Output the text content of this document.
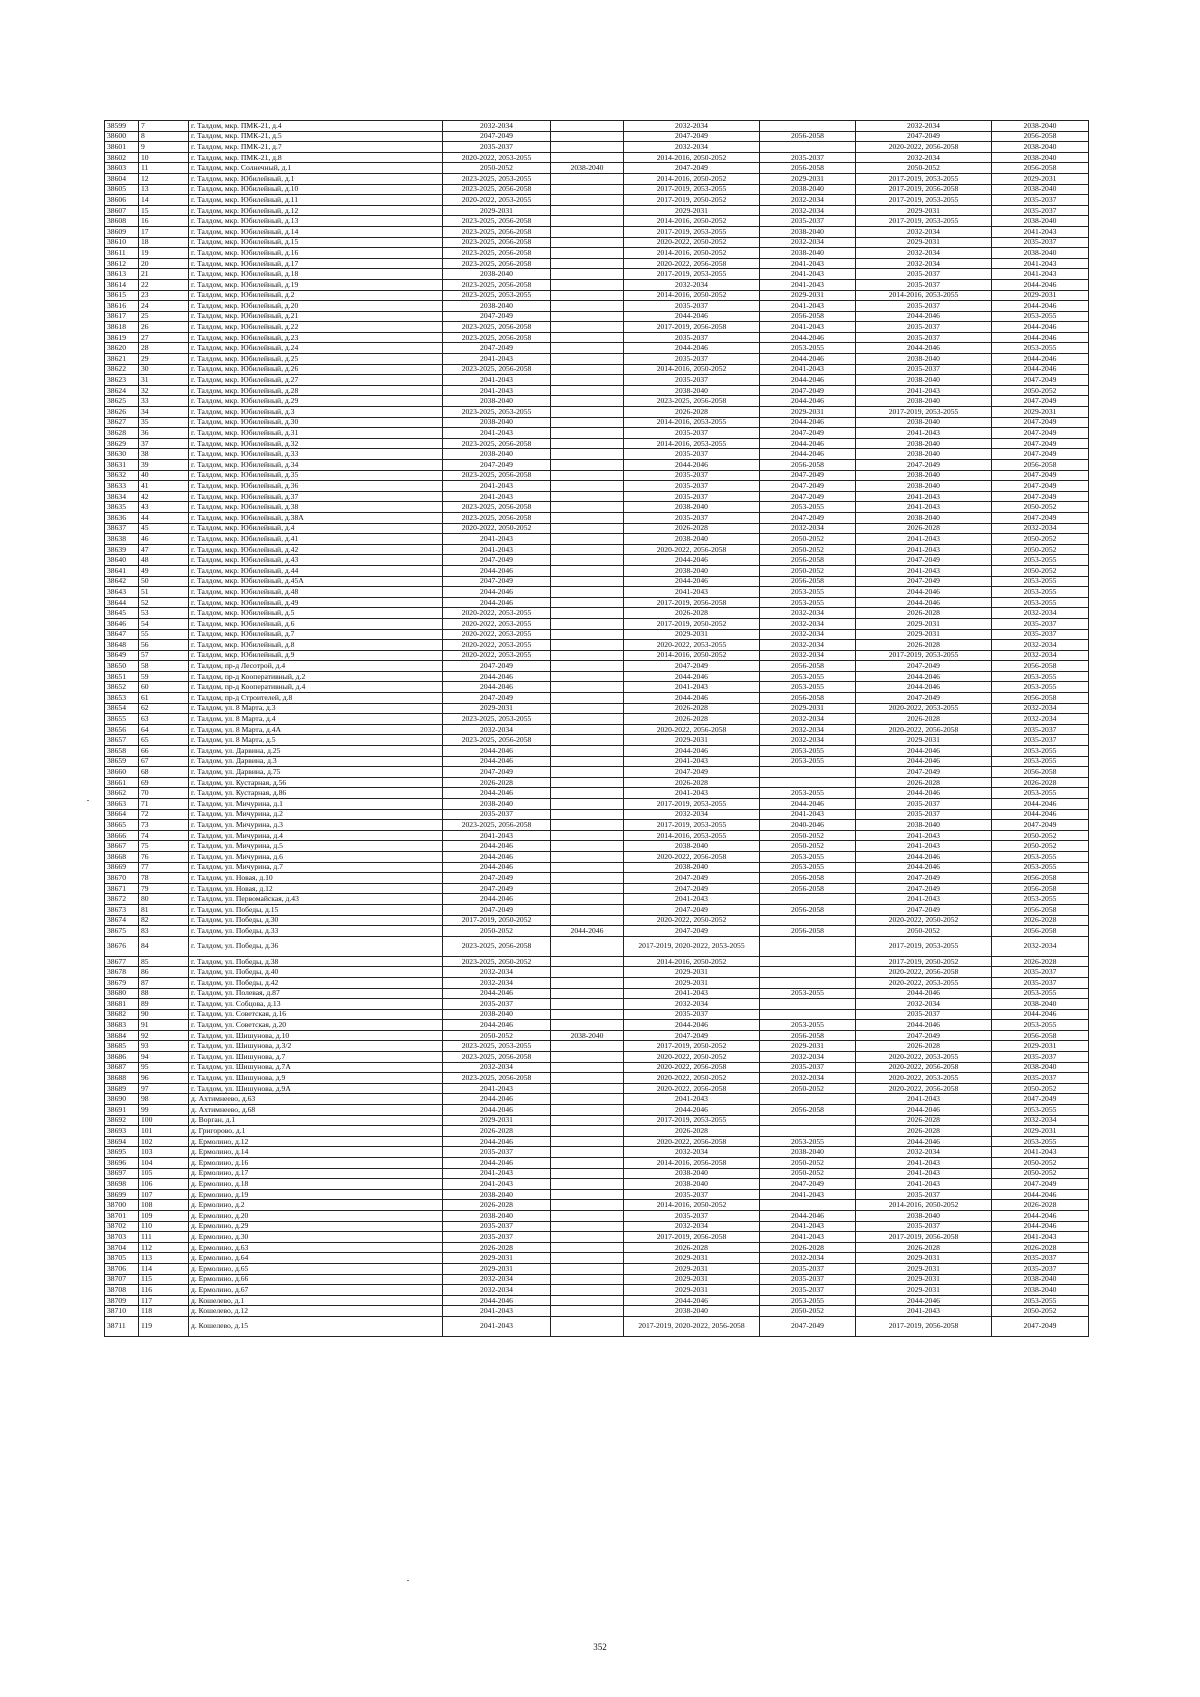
38599	7	г. Талдом, мкр. ПМК-21, д.4	2032-2034		2032-2034		2032-2034	2038-2040
38600	8	г. Талдом, мкр. ПМК-21, д.5	2047-2049		2047-2049	2056-2058	2047-2049	2056-2058
38601	9	г. Талдом, мкр. ПМК-21, д.7	2035-2037		2032-2034		2020-2022, 2056-2058	2038-2040
38602	10	г. Талдом, мкр. ПМК-21, д.8	2020-2022, 2053-2055		2014-2016, 2050-2052	2035-2037	2032-2034	2038-2040
38603	11	г. Талдом, мкр. Солнечный, д.1	2050-2052	2038-2040	2047-2049	2056-2058	2050-2052	2056-2058
38604	12	г. Талдом, мкр. Юбилейный, д.1	2023-2025, 2053-2055		2014-2016, 2050-2052	2029-2031	2017-2019, 2053-2055	2029-2031
38605	13	г. Талдом, мкр. Юбилейный, д.10	2023-2025, 2056-2058		2017-2019, 2053-2055	2038-2040	2017-2019, 2056-2058	2038-2040
38606	14	г. Талдом, мкр. Юбилейный, д.11	2020-2022, 2053-2055		2017-2019, 2050-2052	2032-2034	2017-2019, 2053-2055	2035-2037
38607	15	г. Талдом, мкр. Юбилейный, д.12	2029-2031		2029-2031	2032-2034	2029-2031	2035-2037
38608	16	г. Талдом, мкр. Юбилейный, д.13	2023-2025, 2056-2058		2014-2016, 2050-2052	2035-2037	2017-2019, 2053-2055	2038-2040
38609	17	г. Талдом, мкр. Юбилейный, д.14	2023-2025, 2056-2058		2017-2019, 2053-2055	2038-2040	2032-2034	2041-2043
38610	18	г. Талдом, мкр. Юбилейный, д.15	2023-2025, 2056-2058		2020-2022, 2050-2052	2032-2034	2029-2031	2035-2037
38611	19	г. Талдом, мкр. Юбилейный, д.16	2023-2025, 2056-2058		2014-2016, 2050-2052	2038-2040	2032-2034	2038-2040
38612	20	г. Талдом, мкр. Юбилейный, д.17	2023-2025, 2056-2058		2020-2022, 2056-2058	2041-2043	2032-2034	2041-2043
38613	21	г. Талдом, мкр. Юбилейный, д.18	2038-2040		2017-2019, 2053-2055	2041-2043	2035-2037	2041-2043
38614	22	г. Талдом, мкр. Юбилейный, д.19	2023-2025, 2056-2058		2032-2034	2041-2043	2035-2037	2044-2046
38615	23	г. Талдом, мкр. Юбилейный, д.2	2023-2025, 2053-2055		2014-2016, 2050-2052	2029-2031	2014-2016, 2053-2055	2029-2031
38616	24	г. Талдом, мкр. Юбилейный, д.20	2038-2040		2035-2037	2041-2043	2035-2037	2044-2046
38617	25	г. Талдом, мкр. Юбилейный, д.21	2047-2049		2044-2046	2056-2058	2044-2046	2053-2055
38618	26	г. Талдом, мкр. Юбилейный, д.22	2023-2025, 2056-2058		2017-2019, 2056-2058	2041-2043	2035-2037	2044-2046
38619	27	г. Талдом, мкр. Юбилейный, д.23	2023-2025, 2056-2058		2035-2037	2044-2046	2035-2037	2044-2046
38620	28	г. Талдом, мкр. Юбилейный, д.24	2047-2049		2044-2046	2053-2055	2044-2046	2053-2055
38621	29	г. Талдом, мкр. Юбилейный, д.25	2041-2043		2035-2037	2044-2046	2038-2040	2044-2046
38622	30	г. Талдом, мкр. Юбилейный, д.26	2023-2025, 2056-2058		2014-2016, 2050-2052	2041-2043	2035-2037	2044-2046
38623	31	г. Талдом, мкр. Юбилейный, д.27	2041-2043		2035-2037	2044-2046	2038-2040	2047-2049
38624	32	г. Талдом, мкр. Юбилейный, д.28	2041-2043		2038-2040	2047-2049	2041-2043	2050-2052
38625	33	г. Талдом, мкр. Юбилейный, д.29	2038-2040		2023-2025, 2056-2058	2044-2046	2038-2040	2047-2049
38626	34	г. Талдом, мкр. Юбилейный, д.3	2023-2025, 2053-2055		2026-2028	2029-2031	2017-2019, 2053-2055	2029-2031
38627	35	г. Талдом, мкр. Юбилейный, д.30	2038-2040		2014-2016, 2053-2055	2044-2046	2038-2040	2047-2049
38628	36	г. Талдом, мкр. Юбилейный, д.31	2041-2043		2035-2037	2047-2049	2041-2043	2047-2049
38629	37	г. Талдом, мкр. Юбилейный, д.32	2023-2025, 2056-2058		2014-2016, 2053-2055	2044-2046	2038-2040	2047-2049
38630	38	г. Талдом, мкр. Юбилейный, д.33	2038-2040		2035-2037	2044-2046	2038-2040	2047-2049
38631	39	г. Талдом, мкр. Юбилейный, д.34	2047-2049		2044-2046	2056-2058	2047-2049	2056-2058
38632	40	г. Талдом, мкр. Юбилейный, д.35	2023-2025, 2056-2058		2035-2037	2047-2049	2038-2040	2047-2049
38633	41	г. Талдом, мкр. Юбилейный, д.36	2041-2043		2035-2037	2047-2049	2038-2040	2047-2049
38634	42	г. Талдом, мкр. Юбилейный, д.37	2041-2043		2035-2037	2047-2049	2041-2043	2047-2049
38635	43	г. Талдом, мкр. Юбилейный, д.38	2023-2025, 2056-2058		2038-2040	2053-2055	2041-2043	2050-2052
38636	44	г. Талдом, мкр. Юбилейный, д.38А	2023-2025, 2056-2058		2035-2037	2047-2049	2038-2040	2047-2049
38637	45	г. Талдом, мкр. Юбилейный, д.4	2020-2022, 2050-2052		2026-2028	2032-2034	2026-2028	2032-2034
38638	46	г. Талдом, мкр. Юбилейный, д.41	2041-2043		2038-2040	2050-2052	2041-2043	2050-2052
38639	47	г. Талдом, мкр. Юбилейный, д.42	2041-2043		2020-2022, 2056-2058	2050-2052	2041-2043	2050-2052
38640	48	г. Талдом, мкр. Юбилейный, д.43	2047-2049		2044-2046	2056-2058	2047-2049	2053-2055
38641	49	г. Талдом, мкр. Юбилейный, д.44	2044-2046		2038-2040	2050-2052	2041-2043	2050-2052
38642	50	г. Талдом, мкр. Юбилейный, д.45А	2047-2049		2044-2046	2056-2058	2047-2049	2053-2055
38643	51	г. Талдом, мкр. Юбилейный, д.48	2044-2046		2041-2043	2053-2055	2044-2046	2053-2055
38644	52	г. Талдом, мкр. Юбилейный, д.49	2044-2046		2017-2019, 2056-2058	2053-2055	2044-2046	2053-2055
38645	53	г. Талдом, мкр. Юбилейный, д.5	2020-2022, 2053-2055		2026-2028	2032-2034	2026-2028	2032-2034
38646	54	г. Талдом, мкр. Юбилейный, д.6	2020-2022, 2053-2055		2017-2019, 2050-2052	2032-2034	2029-2031	2035-2037
38647	55	г. Талдом, мкр. Юбилейный, д.7	2020-2022, 2053-2055		2029-2031	2032-2034	2029-2031	2035-2037
38648	56	г. Талдом, мкр. Юбилейный, д.8	2020-2022, 2053-2055		2020-2022, 2053-2055	2032-2034	2026-2028	2032-2034
38649	57	г. Талдом, мкр. Юбилейный, д.9	2020-2022, 2053-2055		2014-2016, 2050-2052	2032-2034	2017-2019, 2053-2055	2032-2034
38650	58	г. Талдом, пр-д Лесотрой, д.4	2047-2049		2047-2049	2056-2058	2047-2049	2056-2058
38651	59	г. Талдом, пр-д Кооперативный, д.2	2044-2046		2044-2046	2053-2055	2044-2046	2053-2055
38652	60	г. Талдом, пр-д Кооперативный, д.4	2044-2046		2041-2043	2053-2055	2044-2046	2053-2055
38653	61	г. Талдом, пр-д Строителей, д.8	2047-2049		2044-2046	2056-2058	2047-2049	2056-2058
38654	62	г. Талдом, ул. 8 Марта, д.3	2029-2031		2026-2028	2029-2031	2020-2022, 2053-2055	2032-2034
38655	63	г. Талдом, ул. 8 Марта, д.4	2023-2025, 2053-2055		2026-2028	2032-2034	2026-2028	2032-2034
38656	64	г. Талдом, ул. 8 Марта, д.4А	2032-2034		2020-2022, 2056-2058	2032-2034	2020-2022, 2056-2058	2035-2037
38657	65	г. Талдом, ул. 8 Марта, д.5	2023-2025, 2056-2058		2029-2031	2032-2034	2029-2031	2035-2037
38658	66	г. Талдом, ул. Дарвина, д.25	2044-2046		2044-2046	2053-2055	2044-2046	2053-2055
38659	67	г. Талдом, ул. Дарвина, д.3	2044-2046		2041-2043	2053-2055	2044-2046	2053-2055
38660	68	г. Талдом, ул. Дарвина, д.75	2047-2049		2047-2049		2047-2049	2056-2058
38661	69	г. Талдом, ул. Кустарная, д.56	2026-2028		2026-2028		2026-2028	2026-2028
38662	70	г. Талдом, ул. Кустарная, д.86	2044-2046		2041-2043	2053-2055	2044-2046	2053-2055
38663	71	г. Талдом, ул. Мичурина, д.1	2038-2040		2017-2019, 2053-2055	2044-2046	2035-2037	2044-2046
38664	72	г. Талдом, ул. Мичурина, д.2	2035-2037		2032-2034	2041-2043	2035-2037	2044-2046
38665	73	г. Талдом, ул. Мичурина, д.3	2023-2025, 2056-2058		2017-2019, 2053-2055	2040-2046	2038-2040	2047-2049
38666	74	г. Талдом, ул. Мичурина, д.4	2041-2043		2014-2016, 2053-2055	2050-2052	2041-2043	2050-2052
38667	75	г. Талдом, ул. Мичурина, д.5	2044-2046		2038-2040	2050-2052	2041-2043	2050-2052
38668	76	г. Талдом, ул. Мичурина, д.6	2044-2046		2020-2022, 2056-2058	2053-2055	2044-2046	2053-2055
38669	77	г. Талдом, ул. Мичурина, д.7	2044-2046		2038-2040	2053-2055	2044-2046	2053-2055
38670	78	г. Талдом, ул. Новая, д.10	2047-2049		2047-2049	2056-2058	2047-2049	2056-2058
38671	79	г. Талдом, ул. Новая, д.12	2047-2049		2047-2049	2056-2058	2047-2049	2056-2058
38672	80	г. Талдом, ул. Первомайская, д.43	2044-2046		2041-2043		2041-2043	2053-2055
38673	81	г. Талдом, ул. Победы, д.15	2047-2049		2047-2049	2056-2058	2047-2049	2056-2058
38674	82	г. Талдом, ул. Победы, д.30	2017-2019, 2050-2052		2020-2022, 2050-2052		2020-2022, 2050-2052	2026-2028
38675	83	г. Талдом, ул. Победы, д.33	2050-2052	2044-2046	2047-2049	2056-2058	2050-2052	2056-2058
38676	84	г. Талдом, ул. Победы, д.36	2023-2025, 2056-2058		2017-2019, 2020-2022, 2053-2055		2017-2019, 2053-2055	2032-2034
38677	85	г. Талдом, ул. Победы, д.38	2023-2025, 2050-2052		2014-2016, 2050-2052		2017-2019, 2050-2052	2026-2028
38678	86	г. Талдом, ул. Победы, д.40	2032-2034		2029-2031		2020-2022, 2056-2058	2035-2037
38679	87	г. Талдом, ул. Победы, д.42	2032-2034		2029-2031		2020-2022, 2053-2055	2035-2037
38680	88	г. Талдом, ул. Полевая, д.87	2044-2046		2041-2043	2053-2055	2044-2046	2053-2055
38681	89	г. Талдом, ул. Собцова, д.13	2035-2037		2032-2034		2032-2034	2038-2040
38682	90	г. Талдом, ул. Советская, д.16	2038-2040		2035-2037		2035-2037	2044-2046
38683	91	г. Талдом, ул. Советская, д.20	2044-2046		2044-2046	2053-2055	2044-2046	2053-2055
38684	92	г. Талдом, ул. Шишунова, д.10	2050-2052	2038-2040	2047-2049	2056-2058	2047-2049	2056-2058
38685	93	г. Талдом, ул. Шишунова, д.3/2	2023-2025, 2053-2055		2017-2019, 2050-2052	2029-2031	2026-2028	2029-2031
38686	94	г. Талдом, ул. Шишунова, д.7	2023-2025, 2056-2058		2020-2022, 2050-2052	2032-2034	2020-2022, 2053-2055	2035-2037
38687	95	г. Талдом, ул. Шишунова, д.7А	2032-2034		2020-2022, 2056-2058	2035-2037	2020-2022, 2056-2058	2038-2040
38688	96	г. Талдом, ул. Шишунова, д.9	2023-2025, 2056-2058		2020-2022, 2050-2052	2032-2034	2020-2022, 2053-2055	2035-2037
38689	97	г. Талдом, ул. Шишунова, д.9А	2041-2043		2020-2022, 2056-2058	2050-2052	2020-2022, 2056-2058	2050-2052
38690	98	д. Ахтимнеево, д.63	2044-2046		2041-2043		2041-2043	2047-2049
38691	99	д. Ахтимнеево, д.68	2044-2046		2044-2046	2056-2058	2044-2046	2053-2055
38692	100	д. Ворган, д.1	2029-2031		2017-2019, 2053-2055		2026-2028	2032-2034
38693	101	д. Григорово, д.1	2026-2028		2026-2028		2026-2028	2029-2031
38694	102	д. Ермолино, д.12	2044-2046		2020-2022, 2056-2058	2053-2055	2044-2046	2053-2055
38695	103	д. Ермолино, д.14	2035-2037		2032-2034	2038-2040	2032-2034	2041-2043
38696	104	д. Ермолино, д.16	2044-2046		2014-2016, 2056-2058	2050-2052	2041-2043	2050-2052
38697	105	д. Ермолино, д.17	2041-2043		2038-2040	2050-2052	2041-2043	2050-2052
38698	106	д. Ермолино, д.18	2041-2043		2038-2040	2047-2049	2041-2043	2047-2049
38699	107	д. Ермолино, д.19	2038-2040		2035-2037	2041-2043	2035-2037	2044-2046
38700	108	д. Ермолино, д.2	2026-2028		2014-2016, 2050-2052		2014-2016, 2050-2052	2026-2028
38701	109	д. Ермолино, д.20	2038-2040		2035-2037	2044-2046	2038-2040	2044-2046
38702	110	д. Ермолино, д.29	2035-2037		2032-2034	2041-2043	2035-2037	2044-2046
38703	111	д. Ермолино, д.30	2035-2037		2017-2019, 2056-2058	2041-2043	2017-2019, 2056-2058	2041-2043
38704	112	д. Ермолино, д.63	2026-2028		2026-2028	2026-2028	2026-2028	2026-2028
38705	113	д. Ермолино, д.64	2029-2031		2029-2031	2032-2034	2029-2031	2035-2037
38706	114	д. Ермолино, д.65	2029-2031		2029-2031	2035-2037	2029-2031	2035-2037
38707	115	д. Ермолино, д.66	2032-2034		2029-2031	2035-2037	2029-2031	2038-2040
38708	116	д. Ермолино, д.67	2032-2034		2029-2031	2035-2037	2029-2031	2038-2040
38709	117	д. Кошелево, д.1	2044-2046		2044-2046	2053-2055	2044-2046	2053-2055
38710	118	д. Кошелево, д.12	2041-2043		2038-2040	2050-2052	2041-2043	2050-2052
38711	119	д. Кошелево, д.15	2041-2043		2017-2019, 2020-2022, 2056-2058	2047-2049	2017-2019, 2056-2058	2047-2049
352
